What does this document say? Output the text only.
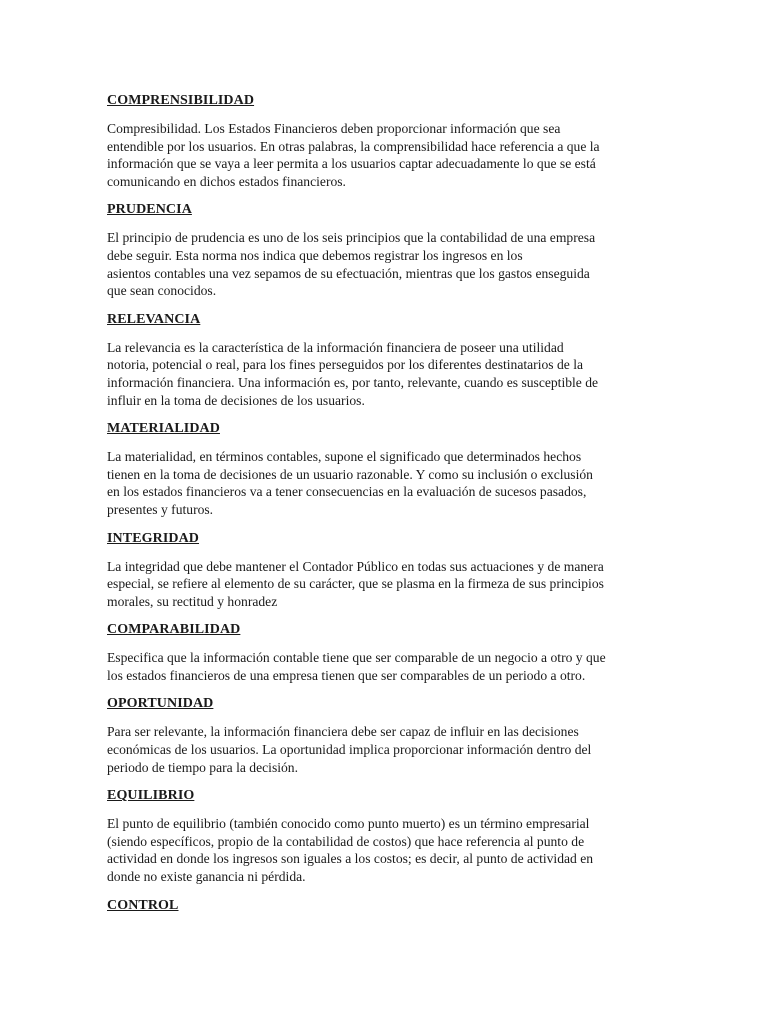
COMPRENSIBILIDAD
Compresibilidad. Los Estados Financieros deben proporcionar información que sea
entendible por los usuarios. En otras palabras, la comprensibilidad hace referencia a que la
información que se vaya a leer permita a los usuarios captar adecuadamente lo que se está
comunicando en dichos estados financieros.
PRUDENCIA
El principio de prudencia es uno de los seis principios que la contabilidad de una empresa
debe seguir. Esta norma nos indica que debemos registrar los ingresos en los
asientos contables una vez sepamos de su efectuación, mientras que los gastos enseguida
que sean conocidos.
RELEVANCIA
La relevancia es la característica de la información financiera de poseer una utilidad
notoria, potencial o real, para los fines perseguidos por los diferentes destinatarios de la
información financiera. Una información es, por tanto, relevante, cuando es susceptible de
influir en la toma de decisiones de los usuarios.
MATERIALIDAD
La materialidad, en términos contables, supone el significado que determinados hechos
tienen en la toma de decisiones de un usuario razonable. Y como su inclusión o exclusión
en los estados financieros va a tener consecuencias en la evaluación de sucesos pasados,
presentes y futuros.
INTEGRIDAD
La integridad que debe mantener el Contador Público en todas sus actuaciones y de manera
especial, se refiere al elemento de su carácter, que se plasma en la firmeza de sus principios
morales, su rectitud y honradez
COMPARABILIDAD
Especifica que la información contable tiene que ser comparable de un negocio a otro y que
los estados financieros de una empresa tienen que ser comparables de un periodo a otro.
OPORTUNIDAD
Para ser relevante, la información financiera debe ser capaz de influir en las decisiones
económicas de los usuarios. La oportunidad implica proporcionar información dentro del
periodo de tiempo para la decisión.
EQUILIBRIO
El punto de equilibrio (también conocido como punto muerto) es un término empresarial
(siendo específicos, propio de la contabilidad de costos) que hace referencia al punto de
actividad en donde los ingresos son iguales a los costos; es decir, al punto de actividad en
donde no existe ganancia ni pérdida.
CONTROL
